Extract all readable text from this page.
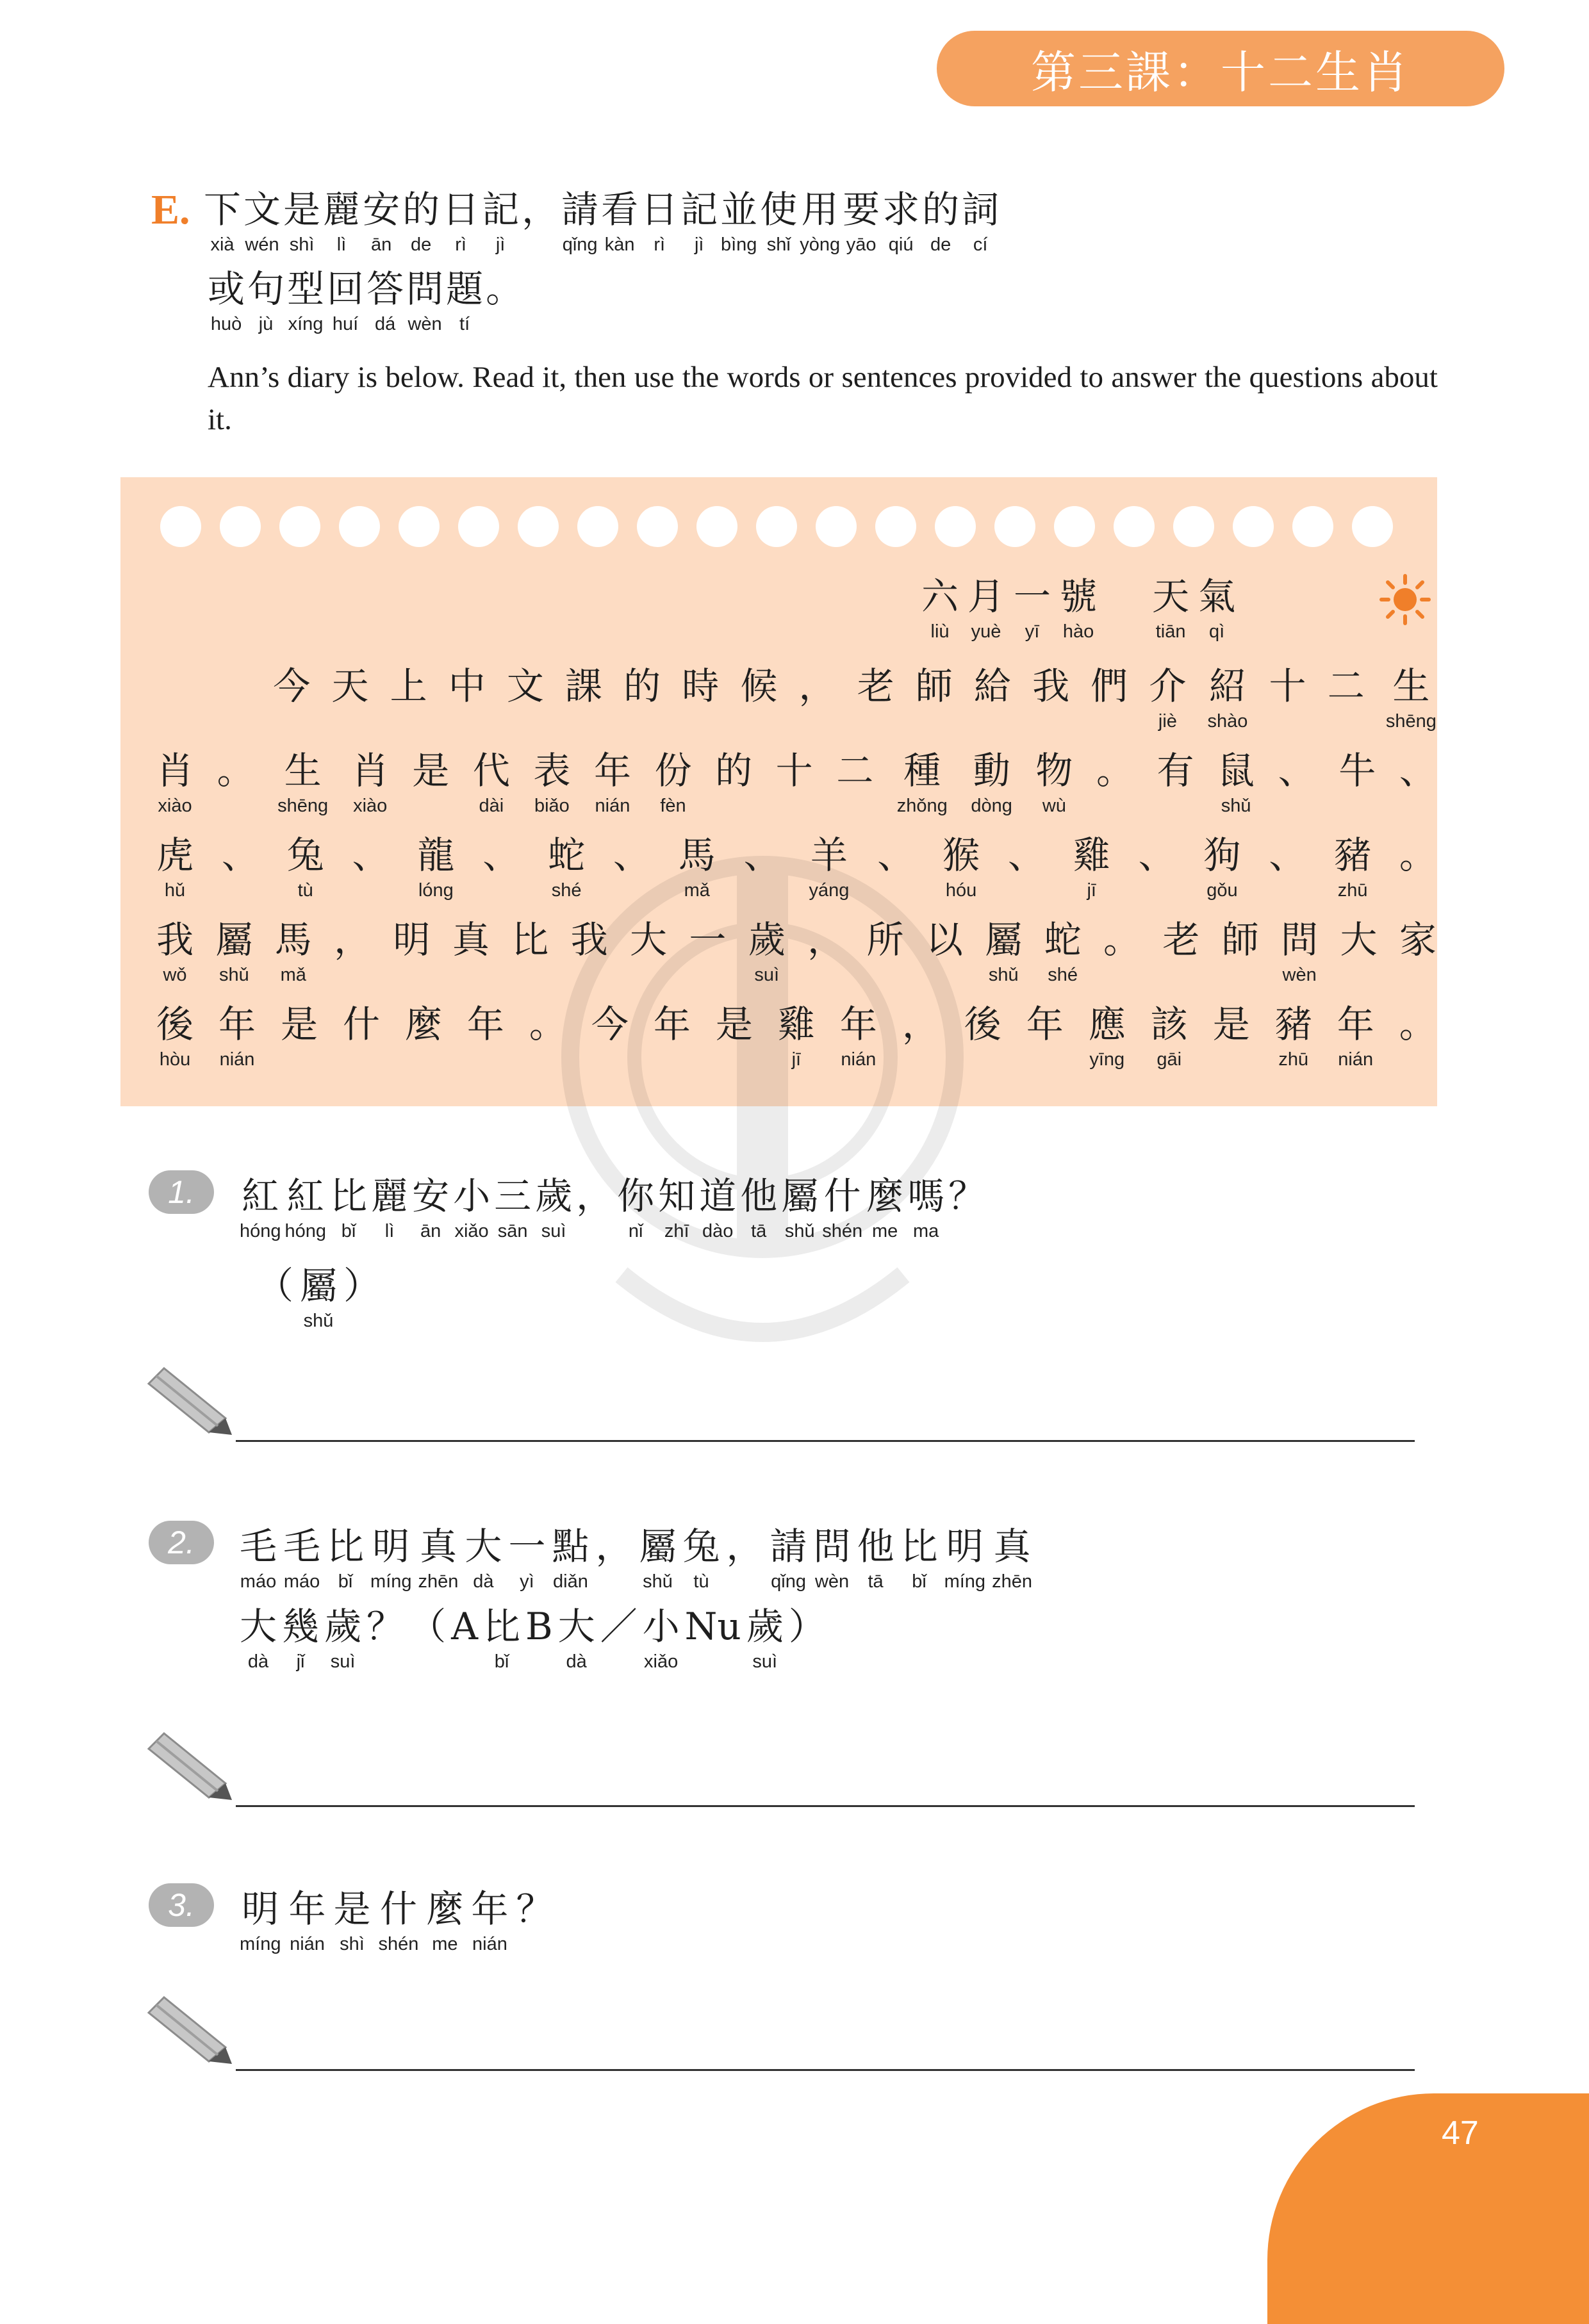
第三課：十二生肖
E. 下
xià
文
wén
是
shì
麗
lì
安
ān
的
de
日
rì
記
jì
， 請
qǐng
看
kàn
日
rì
記
jì
並
bìng
使
shǐ
用
yòng
要
yāo
求
qiú
的
de
詞
cí
或
huò
句
jù
型
xíng
回
huí
答
dá
問
wèn
題
tí
。
Ann’s diary is below. Read it, then use the words or sentences provided to answer the questions about it.
六
liù
月
yuè
一
yī
號
hào

天
tiān
氣
qì

今 天 上 中 文 課 的 時 候 ， 老 師 給 我 們 介
jiè
紹
shào
十 二 生
shēng
肖
xiào
。 生
shēng
肖
xiào
是 代
dài
表
biǎo
年
nián
份
fèn
的 十 二 種
zhǒng
動
dòng
物
wù
。 有 鼠
shǔ
、 牛 、
虎
hǔ
、 兔
tù
、 龍
lóng
、 蛇
shé
、 馬
mǎ
、 羊
yáng
、 猴
hóu
、 雞
jī
、 狗
gǒu
、 豬
zhū
。
我
wǒ
屬
shǔ
馬
mǎ
， 明 真 比 我 大 一 歲
suì
， 所 以 屬
shǔ
蛇
shé
。 老 師 問
wèn
大 家
後
hòu
年
nián
是 什 麼 年 。 今 年 是 雞
jī
年
nián
， 後 年 應
yīng
該
gāi
是 豬
zhū
年
nián
。
1.	紅
hóng
紅
hóng
比
bǐ
麗
lì
安
ān
小
xiǎo
三
sān
歲
suì
， 你
nǐ
知
zhī
道
dào
他
tā
屬
shǔ
什
shén
麼
me
嗎
ma
？
（ 屬
shǔ
）
2.	毛
máo
毛
máo
比
bǐ
明
míng
真
zhēn
大
dà
一
yì
點
diǎn
， 屬
shǔ
兔
tù
， 請
qǐng
問
wèn
他
tā
比
bǐ
明
míng
真
zhēn
大
dà
幾
jǐ
歲
suì
？ （ A 比
bǐ
B 大
dà
／ 小
xiǎo
Nu 歲
suì
）
3.	明
míng
年
nián
是
shì
什
shén
麼
me
年
nián
？
47
